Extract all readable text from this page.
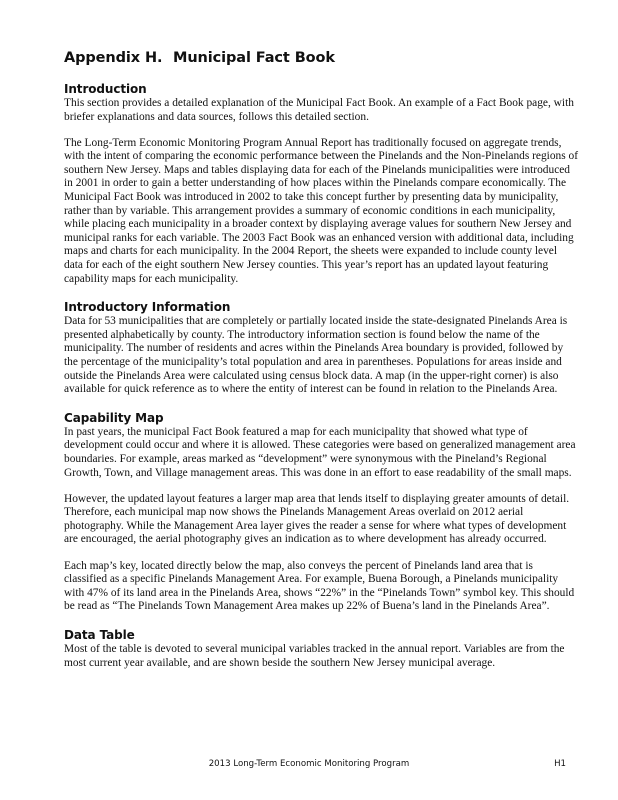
Appendix H. Municipal Fact Book
Introduction

This section provides a detailed explanation of the Municipal Fact Book. An example of a Fact Book page, with briefer explanations and data sources, follows this detailed section.

The Long-Term Economic Monitoring Program Annual Report has traditionally focused on aggregate trends, with the intent of comparing the economic performance between the Pinelands and the Non-Pinelands regions of southern New Jersey. Maps and tables displaying data for each of the Pinelands municipalities were introduced in 2001 in order to gain a better understanding of how places within the Pinelands compare economically. The Municipal Fact Book was introduced in 2002 to take this concept further by presenting data by municipality, rather than by variable. This arrangement provides a summary of economic conditions in each municipality, while placing each municipality in a broader context by displaying average values for southern New Jersey and municipal ranks for each variable. The 2003 Fact Book was an enhanced version with additional data, including maps and charts for each municipality. In the 2004 Report, the sheets were expanded to include county level data for each of the eight southern New Jersey counties. This year’s report has an updated layout featuring capability maps for each municipality.

Introductory Information

Data for 53 municipalities that are completely or partially located inside the state-designated Pinelands Area is presented alphabetically by county. The introductory information section is found below the name of the municipality. The number of residents and acres within the Pinelands Area boundary is provided, followed by the percentage of the municipality’s total population and area in parentheses. Populations for areas inside and outside the Pinelands Area were calculated using census block data. A map (in the upper-right corner) is also available for quick reference as to where the entity of interest can be found in relation to the Pinelands Area.

Capability Map

In past years, the municipal Fact Book featured a map for each municipality that showed what type of development could occur and where it is allowed. These categories were based on generalized management area boundaries. For example, areas marked as “development” were synonymous with the Pineland’s Regional Growth, Town, and Village management areas. This was done in an effort to ease readability of the small maps.

However, the updated layout features a larger map area that lends itself to displaying greater amounts of detail. Therefore, each municipal map now shows the Pinelands Management Areas overlaid on 2012 aerial photography. While the Management Area layer gives the reader a sense for where what types of development are encouraged, the aerial photography gives an indication as to where development has already occurred.

Each map’s key, located directly below the map, also conveys the percent of Pinelands land area that is classified as a specific Pinelands Management Area. For example, Buena Borough, a Pinelands municipality with 47% of its land area in the Pinelands Area, shows “22%” in the “Pinelands Town” symbol key. This should be read as “The Pinelands Town Management Area makes up 22% of Buena’s land in the Pinelands Area”.

Data Table

Most of the table is devoted to several municipal variables tracked in the annual report. Variables are from the most current year available, and are shown beside the southern New Jersey municipal average.

2013 Long-Term Economic Monitoring Program	H1
